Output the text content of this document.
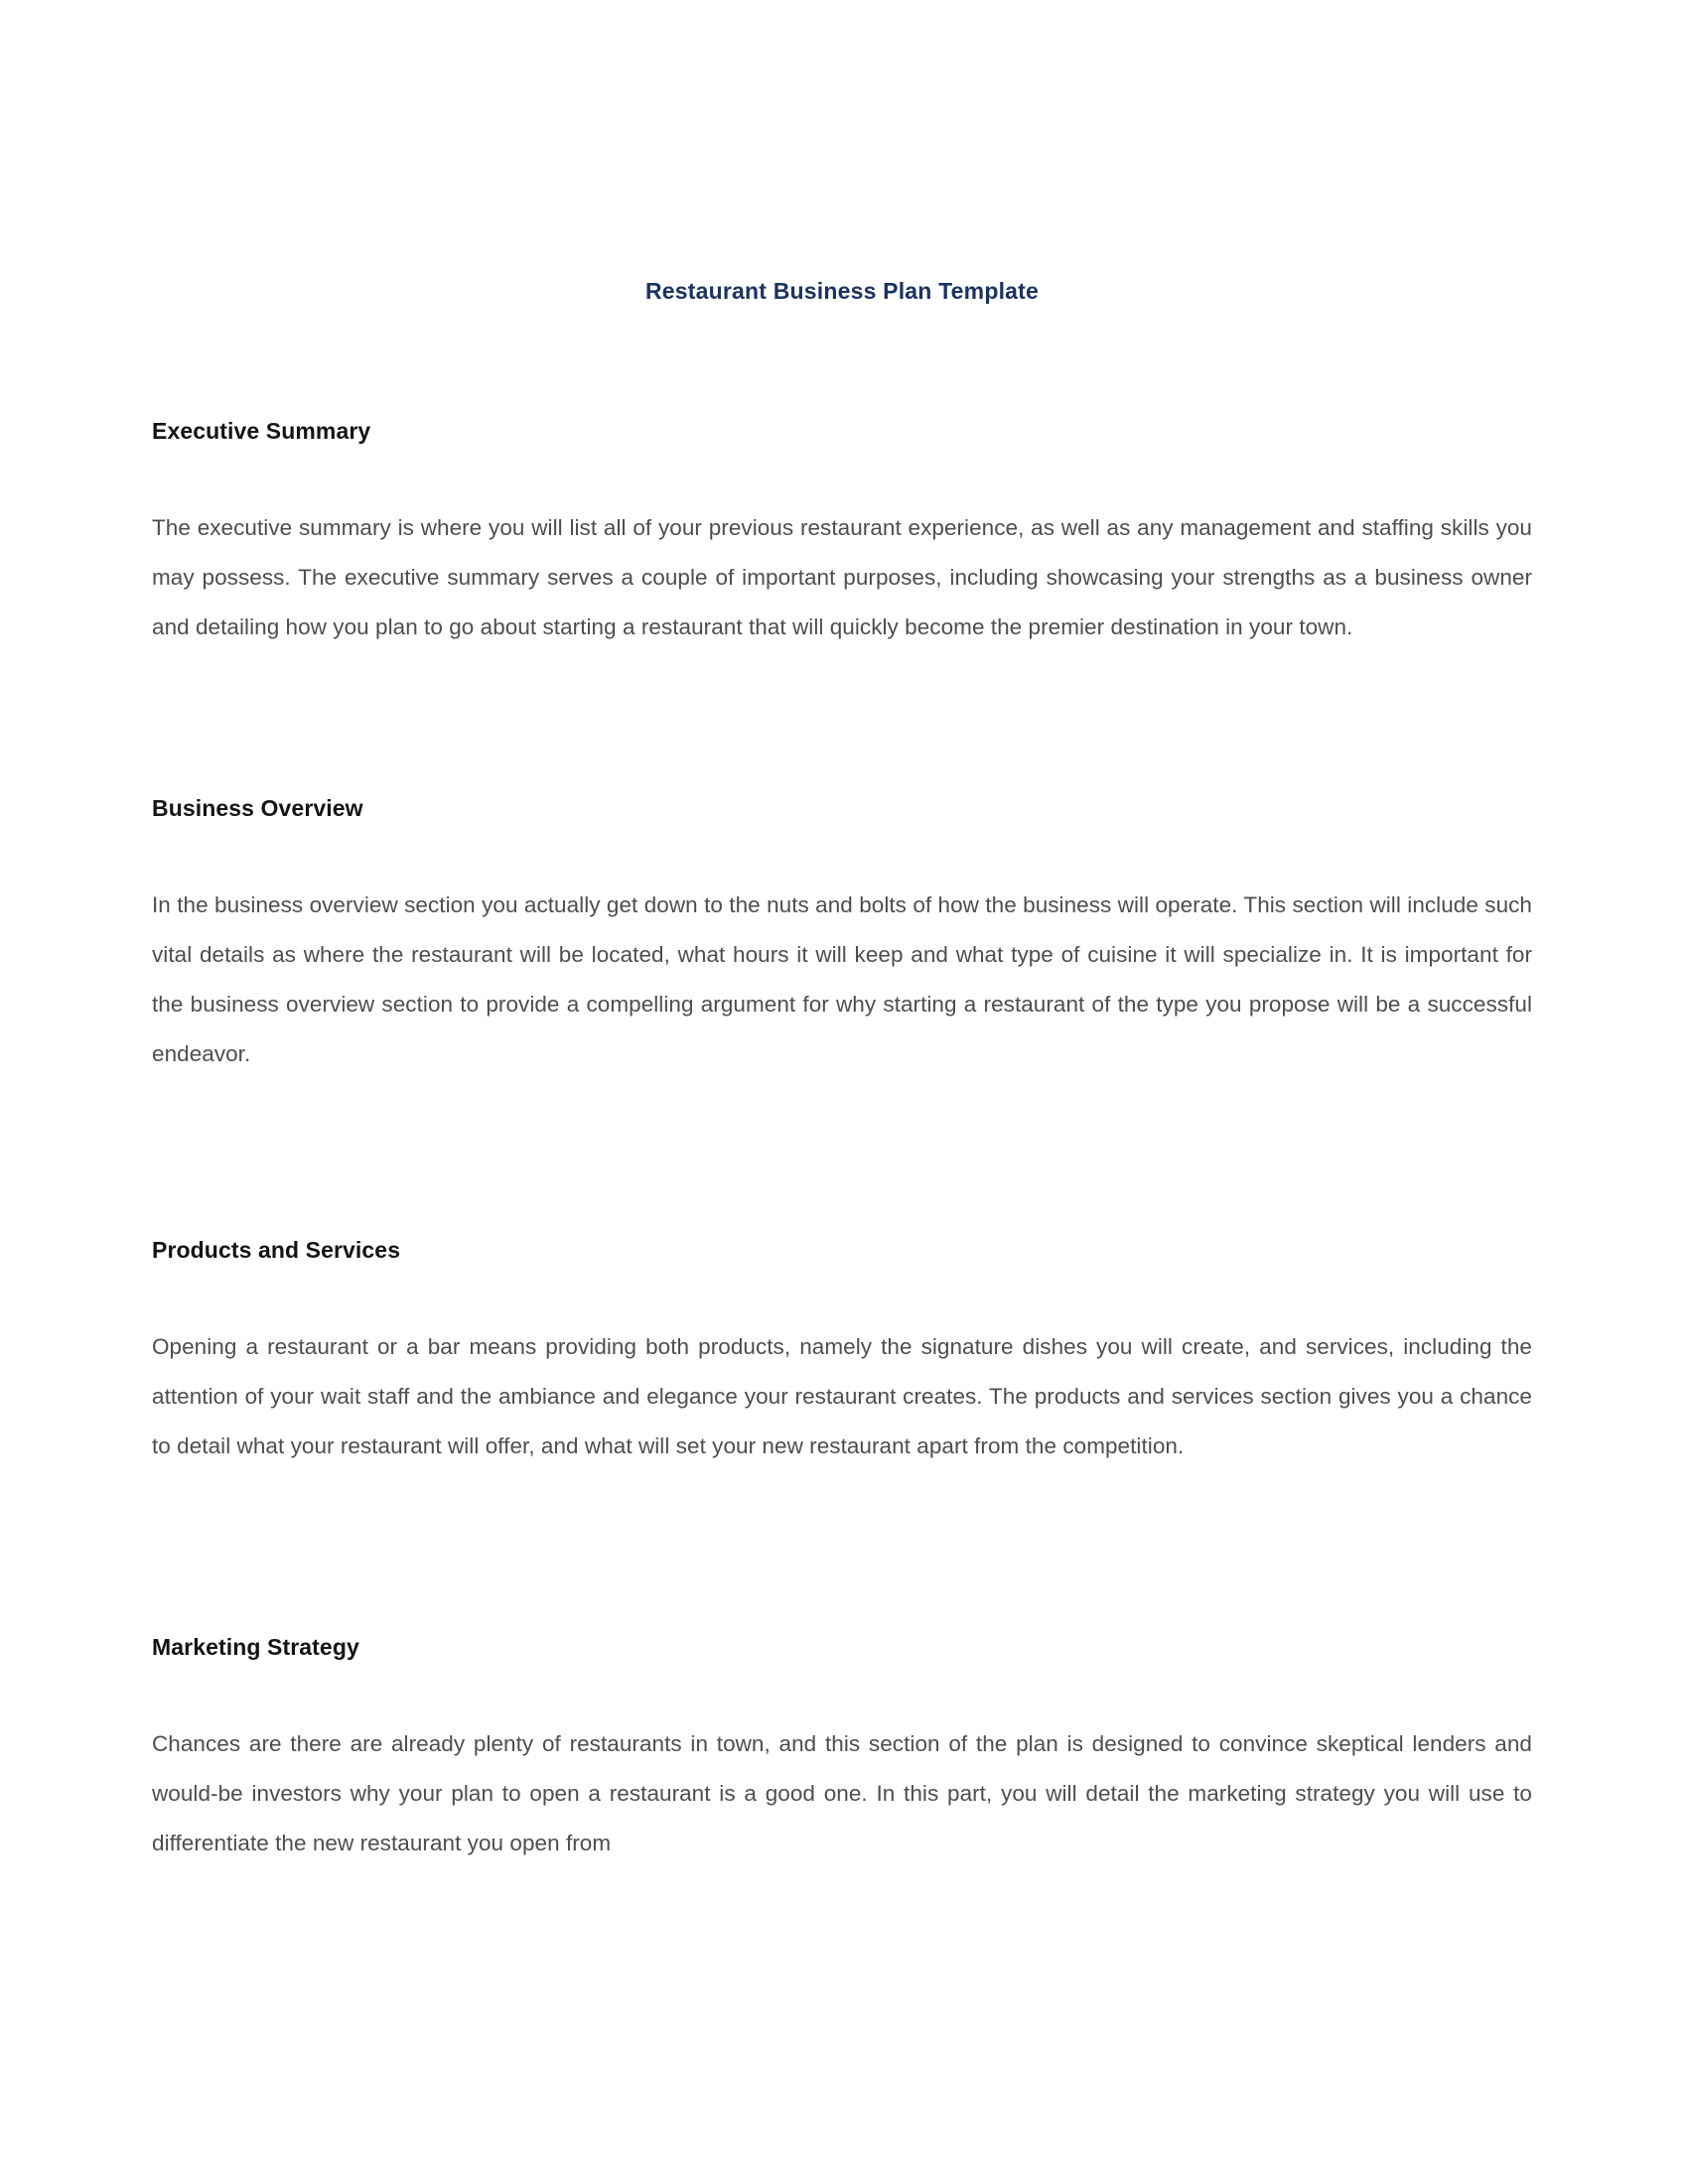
Restaurant Business Plan Template
Executive Summary

The executive summary is where you will list all of your previous restaurant experience, as well as any management and staffing skills you may possess. The executive summary serves a couple of important purposes, including showcasing your strengths as a business owner and detailing how you plan to go about starting a restaurant that will quickly become the premier destination in your town.

Business Overview

In the business overview section you actually get down to the nuts and bolts of how the business will operate. This section will include such vital details as where the restaurant will be located, what hours it will keep and what type of cuisine it will specialize in. It is important for the business overview section to provide a compelling argument for why starting a restaurant of the type you propose will be a successful endeavor.

Products and Services

Opening a restaurant or a bar means providing both products, namely the signature dishes you will create, and services, including the attention of your wait staff and the ambiance and elegance your restaurant creates. The products and services section gives you a chance to detail what your restaurant will offer, and what will set your new restaurant apart from the competition.

Marketing Strategy

Chances are there are already plenty of restaurants in town, and this section of the plan is designed to convince skeptical lenders and would-be investors why your plan to open a restaurant is a good one. In this part, you will detail the marketing strategy you will use to differentiate the new restaurant you open from
